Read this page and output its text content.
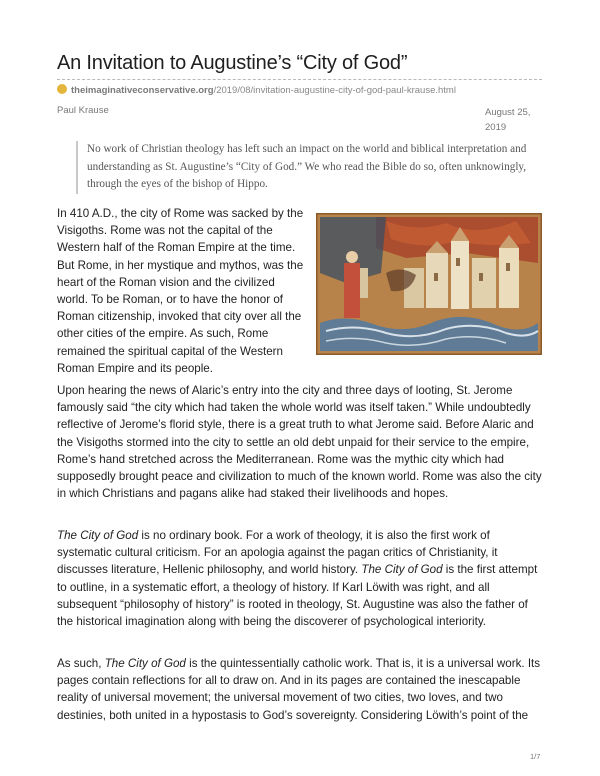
An Invitation to Augustine’s “City of God”
theimaginativeconservative.org/2019/08/invitation-augustine-city-of-god-paul-krause.html
Paul Krause	August 25, 2019
No work of Christian theology has left such an impact on the world and biblical interpretation and understanding as St. Augustine’s “City of God.” We who read the Bible do so, often unknowingly, through the eyes of the bishop of Hippo.

In 410 A.D., the city of Rome was sacked by the Visigoths. Rome was not the capital of the Western half of the Roman Empire at the time. But Rome, in her mystique and mythos, was the heart of the Roman vision and the civilized world. To be Roman, or to have the honor of Roman citizenship, invoked that city over all the other cities of the empire. As such, Rome remained the spiritual capital of the Western Roman Empire and its people.

Upon hearing the news of Alaric’s entry into the city and three days of looting, St. Jerome famously said “the city which had taken the whole world was itself taken.” While undoubtedly reflective of Jerome’s florid style, there is a great truth to what Jerome said. Before Alaric and the Visigoths stormed into the city to settle an old debt unpaid for their service to the empire, Rome’s hand stretched across the Mediterranean. Rome was the mythic city which had supposedly brought peace and civilization to much of the known world. Rome was also the city in which Christians and pagans alike had staked their livelihoods and hopes.

The City of God is no ordinary book. For a work of theology, it is also the first work of systematic cultural criticism. For an apologia against the pagan critics of Christianity, it discusses literature, Hellenic philosophy, and world history. The City of God is the first attempt to outline, in a systematic effort, a theology of history. If Karl Löwith was right, and all subsequent “philosophy of history” is rooted in theology, St. Augustine was also the father of the historical imagination along with being the discoverer of psychological interiority.

As such, The City of God is the quintessentially catholic work. That is, it is a universal work. Its pages contain reflections for all to draw on. And in its pages are contained the inescapable reality of universal movement; the universal movement of two cities, two loves, and two destinies, both united in a hypostasis to God’s sovereignty. Considering Löwith’s point of the

1/7
